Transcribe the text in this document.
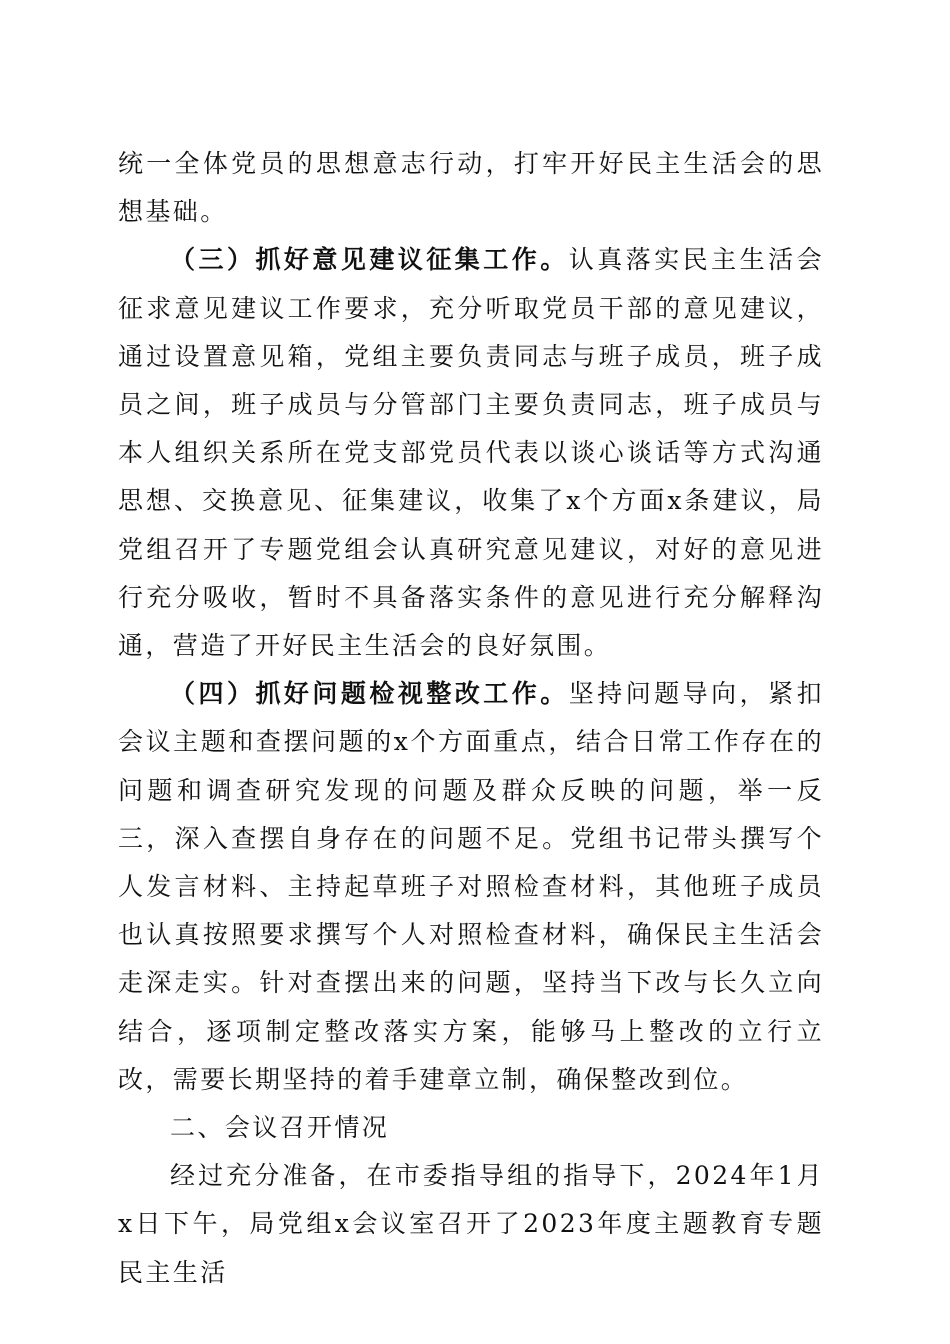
统一全体党员的思想意志行动，打牢开好民主生活会的思想基础。

（三）抓好意见建议征集工作。认真落实民主生活会征求意见建议工作要求，充分听取党员干部的意见建议，通过设置意见箱，党组主要负责同志与班子成员，班子成员之间，班子成员与分管部门主要负责同志，班子成员与本人组织关系所在党支部党员代表以谈心谈话等方式沟通思想、交换意见、征集建议，收集了x个方面x条建议，局党组召开了专题党组会认真研究意见建议，对好的意见进行充分吸收，暂时不具备落实条件的意见进行充分解释沟通，营造了开好民主生活会的良好氛围。

（四）抓好问题检视整改工作。坚持问题导向，紧扣会议主题和查摆问题的x个方面重点，结合日常工作存在的问题和调查研究发现的问题及群众反映的问题，举一反三，深入查摆自身存在的问题不足。党组书记带头撰写个人发言材料、主持起草班子对照检查材料，其他班子成员也认真按照要求撰写个人对照检查材料，确保民主生活会走深走实。针对查摆出来的问题，坚持当下改与长久立向结合，逐项制定整改落实方案，能够马上整改的立行立改，需要长期坚持的着手建章立制，确保整改到位。

二、会议召开情况

经过充分准备，在市委指导组的指导下，2024年1月x日下午，局党组x会议室召开了2023年度主题教育专题民主生活
